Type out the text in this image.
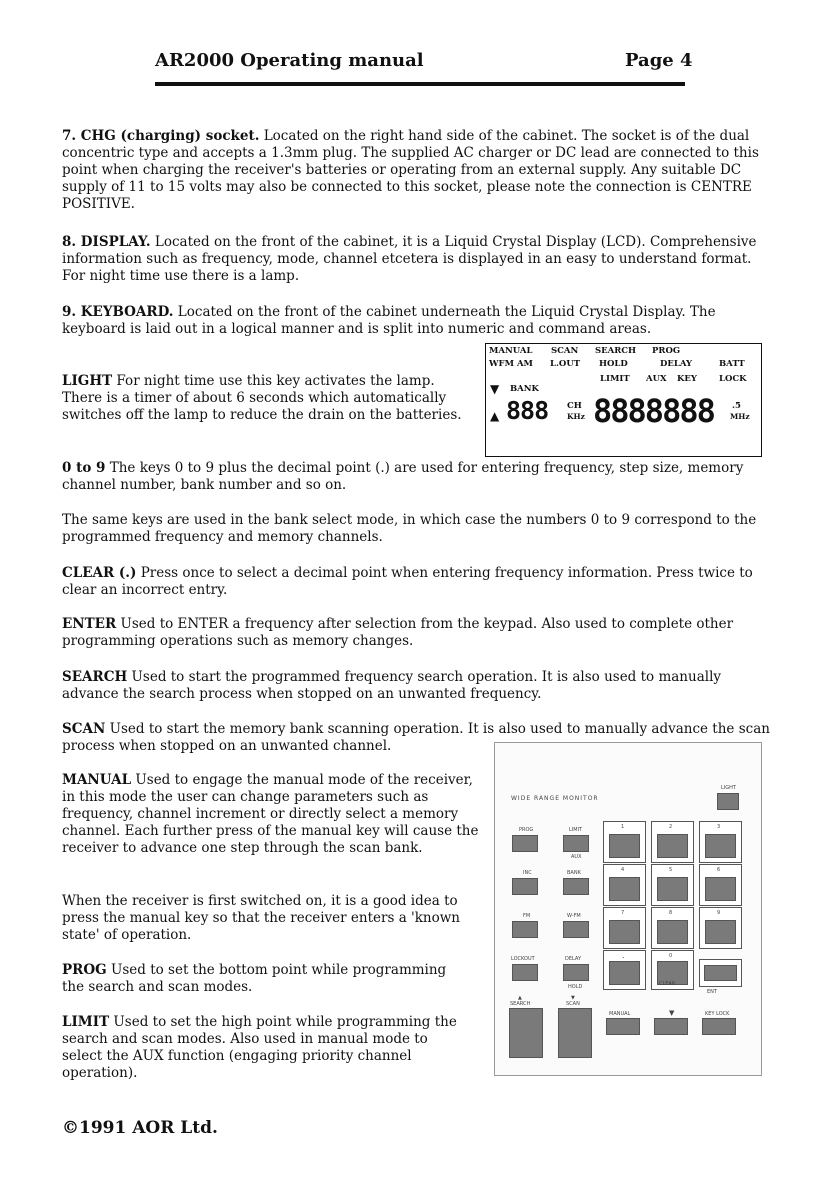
AR2000 Operating manual	Page 4
7. CHG (charging) socket. Located on the right hand side of the cabinet. The socket is of the dual concentric type and accepts a 1.3mm plug. The supplied AC charger or DC lead are connected to this point when charging the receiver's batteries or operating from an external supply. Any suitable DC supply of 11 to 15 volts may also be connected to this socket, please note the connection is CENTRE POSITIVE.
8. DISPLAY. Located on the front of the cabinet, it is a Liquid Crystal Display (LCD). Comprehensive information such as frequency, mode, channel etcetera is displayed in an easy to understand format. For night time use there is a lamp.
9. KEYBOARD. Located on the front of the cabinet underneath the Liquid Crystal Display. The keyboard is laid out in a logical manner and is split into numeric and command areas.
LIGHT For night time use this key activates the lamp. There is a timer of about 6 seconds which automatically switches off the lamp to reduce the drain on the batteries.
MANUAL SCAN SEARCH PROG
WFM AM L.OUT HOLD	DELAY	BATT
LIMIT AUX KEY	LOCK
▼ BANK
▲ 888 CH
KHz 8888888 .5
MHz
0 to 9 The keys 0 to 9 plus the decimal point (.) are used for entering frequency, step size, memory channel number, bank number and so on.
The same keys are used in the bank select mode, in which case the numbers 0 to 9 correspond to the programmed frequency and memory channels.
CLEAR (.) Press once to select a decimal point when entering frequency information. Press twice to clear an incorrect entry.
ENTER Used to ENTER a frequency after selection from the keypad. Also used to complete other programming operations such as memory changes.
SEARCH Used to start the programmed frequency search operation. It is also used to manually advance the search process when stopped on an unwanted frequency.
SCAN Used to start the memory bank scanning operation. It is also used to manually advance the scan process when stopped on an unwanted channel.
MANUAL Used to engage the manual mode of the receiver, in this mode the user can change parameters such as frequency, channel increment or directly select a memory channel. Each further press of the manual key will cause the receiver to advance one step through the scan bank.
When the receiver is first switched on, it is a good idea to press the manual key so that the receiver enters a 'known state' of operation.
PROG Used to set the bottom point while programming the search and scan modes.
LIMIT Used to set the high point while programming the search and scan modes. Also used in manual mode to select the AUX function (engaging priority channel operation).
WIDE RANGE MONITOR
LIGHT
PROG	LIMIT
AUX
INC	BANK
FM	W-FM
LOCKOUT	DELAY
HOLD
▲
SEARCH
▼
SCAN
1	2	3
4	5	6
7	8	9
.	0
CLEAR
ENT
MANUAL	▼	KEY LOCK
©1991 AOR Ltd.
